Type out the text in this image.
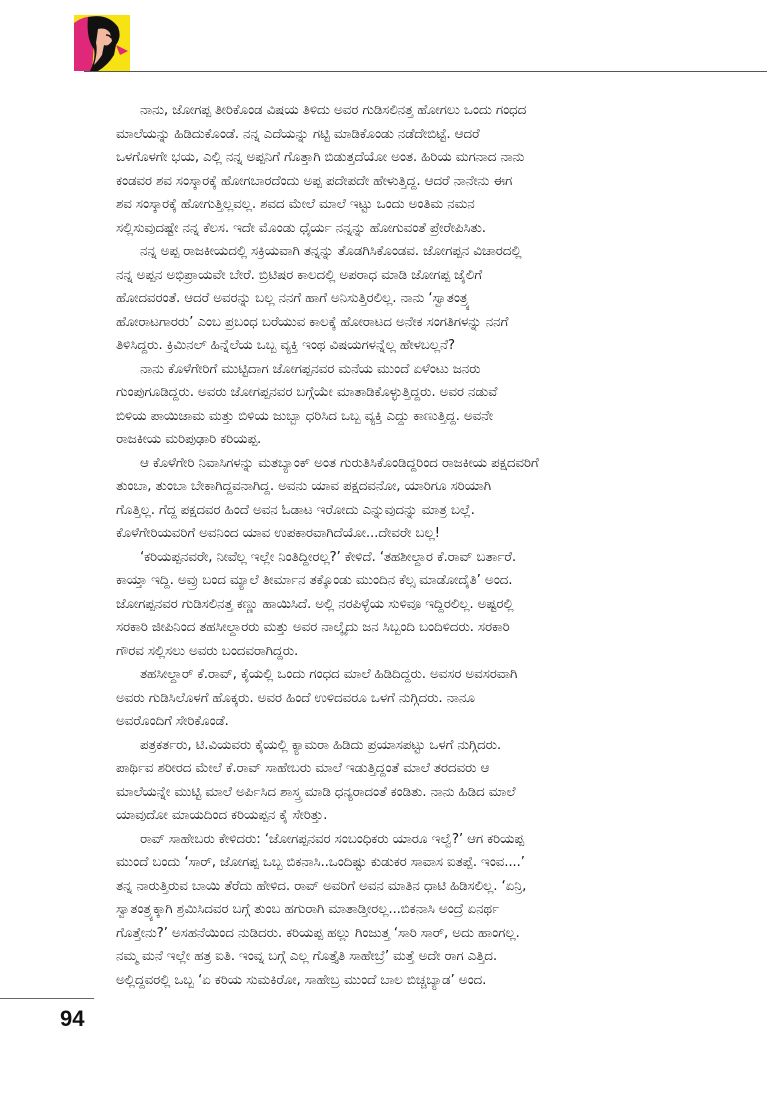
ನಾನು, ಜೋಗಪ್ಪ ತೀರಿಕೊಂಡ ವಿಷಯ ತಿಳಿದು ಅವರ ಗುಡಿಸಲಿನತ್ತ ಹೋಗಲು ಒಂದು ಗಂಧದ
ಮಾಲೆಯನ್ನು ಹಿಡಿದುಕೊಂಡೆ. ನನ್ನ ಎದೆಯನ್ನು ಗಟ್ಟಿ ಮಾಡಿಕೊಂಡು ನಡೆದೇಬಿಟ್ಟೆ. ಆದರೆ
ಒಳಗೊಳಗೇ ಭಯ, ಎಲ್ಲಿ ನನ್ನ ಅಪ್ಪನಿಗೆ ಗೊತ್ತಾಗಿ ಬಿಡುತ್ತದೆಯೋ ಅಂತ. ಹಿರಿಯ ಮಗನಾದ ನಾನು
ಕಂಡವರ ಶವ ಸಂಸ್ಕಾರಕ್ಕೆ ಹೋಗಬಾರದೆಂದು ಅಪ್ಪ ಪದೇಪದೇ ಹೇಳುತ್ತಿದ್ದ. ಆದರೆ ನಾನೇನು ಈಗ
ಶವ ಸಂಸ್ಕಾರಕ್ಕೆ ಹೋಗುತ್ತಿಲ್ಲವಲ್ಲ. ಶವದ ಮೇಲೆ ಮಾಲೆ ಇಟ್ಟು ಒಂದು ಅಂತಿಮ ನಮನ
ಸಲ್ಲಿಸುವುದಷ್ಟೇ ನನ್ನ ಕೆಲಸ. ಇದೇ ಮೊಂಡು ಧೈರ್ಯ ನನ್ನನ್ನು ಹೋಗುವಂತೆ ಪ್ರೇರೇಪಿಸಿತು.

ನನ್ನ ಅಪ್ಪ ರಾಜಕೀಯದಲ್ಲಿ ಸಕ್ರಿಯವಾಗಿ ತನ್ನನ್ನು ತೊಡಗಿಸಿಕೊಂಡವ. ಜೋಗಪ್ಪನ ವಿಚಾರದಲ್ಲಿ
ನನ್ನ ಅಪ್ಪನ ಅಭಿಪ್ರಾಯವೇ ಬೇರೆ. ಬ್ರಿಟಿಷರ ಕಾಲದಲ್ಲಿ ಅಪರಾಧ ಮಾಡಿ ಜೋಗಪ್ಪ ಜೈಲಿಗೆ
ಹೋದವರಂತೆ. ಆದರೆ ಅವರನ್ನು ಬಲ್ಲ ನನಗೆ ಹಾಗೆ ಅನಿಸುತ್ತಿರಲಿಲ್ಲ. ನಾನು ‘ಸ್ವಾತಂತ್ರ್ಯ
ಹೋರಾಟಗಾರರು’ ಎಂಬ ಪ್ರಬಂಧ ಬರೆಯುವ ಕಾಲಕ್ಕೆ ಹೋರಾಟದ ಅನೇಕ ಸಂಗತಿಗಳನ್ನು ನನಗೆ
ತಿಳಿಸಿದ್ದರು. ಕ್ರಿಮಿನಲ್ ಹಿನ್ನೆಲೆಯ ಒಬ್ಬ ವ್ಯಕ್ತಿ ಇಂಥ ವಿಷಯಗಳನ್ನೆಲ್ಲ ಹೇಳಬಲ್ಲನೆ?

ನಾನು ಕೊಳೆಗೇರಿಗೆ ಮುಟ್ಟಿದಾಗ ಜೋಗಪ್ಪನವರ ಮನೆಯ ಮುಂದೆ ಏಳೆಂಟು ಜನರು
ಗುಂಪುಗೂಡಿದ್ದರು. ಅವರು ಜೋಗಪ್ಪನವರ ಬಗ್ಗೆಯೇ ಮಾತಾಡಿಕೊಳ್ಳುತ್ತಿದ್ದರು. ಅವರ ನಡುವೆ
ಬಿಳಿಯ ಪಾಯಿಜಾಮ ಮತ್ತು ಬಿಳಿಯ ಜುಬ್ಬಾ ಧರಿಸಿದ ಒಬ್ಬ ವ್ಯಕ್ತಿ ಎದ್ದು ಕಾಣುತ್ತಿದ್ದ. ಅವನೇ
ರಾಜಕೀಯ ಮರಿಪುಢಾರಿ ಕರಿಯಪ್ಪ.

ಆ ಕೊಳೆಗೇರಿ ನಿವಾಸಿಗಳನ್ನು ಮತಬ್ಯಾಂಕ್ ಅಂತ ಗುರುತಿಸಿಕೊಂಡಿದ್ದರಿಂದ ರಾಜಕೀಯ ಪಕ್ಷದವರಿಗೆ
ತುಂಬಾ, ತುಂಬಾ ಬೇಕಾಗಿದ್ದವನಾಗಿದ್ದ. ಅವನು ಯಾವ ಪಕ್ಷದವನೋ, ಯಾರಿಗೂ ಸರಿಯಾಗಿ
ಗೊತ್ತಿಲ್ಲ. ಗೆದ್ದ ಪಕ್ಷದವರ ಹಿಂದೆ ಅವನ ಓಡಾಟ ಇರೋದು ಎನ್ನುವುದನ್ನು ಮಾತ್ರ ಬಲ್ಲೆ.
ಕೊಳೆಗೇರಿಯವರಿಗೆ ಅವನಿಂದ ಯಾವ ಉಪಕಾರವಾಗಿದೆಯೋ...ದೇವರೇ ಬಲ್ಲ!

‘ಕರಿಯಪ್ಪನವರೇ, ನೀವೆಲ್ಲ ಇಲ್ಲೇ ನಿಂತಿದ್ದೀರಲ್ಲ?’ ಕೇಳಿದೆ. ‘ತಹಶೀಲ್ದಾರ ಕೆ.ರಾವ್ ಬರ್ತಾರೆ.
ಕಾಯ್ತಾ ಇದ್ದಿ. ಅವ್ರು ಬಂದ ಮ್ಯಾಲೆ ತೀರ್ಮಾನ ತಕ್ಕೊಂಡು ಮುಂದಿನ ಕೆಲ್ಸ ಮಾಡೋದೈತಿ’ ಅಂದ.
ಜೋಗಪ್ಪನವರ ಗುಡಿಸಲಿನತ್ತ ಕಣ್ಣು ಹಾಯಿಸಿದೆ. ಅಲ್ಲಿ ನರಪಿಳ್ಳೆಯ ಸುಳಿವೂ ಇದ್ದಿರಲಿಲ್ಲ. ಅಷ್ಟರಲ್ಲಿ
ಸರಕಾರಿ ಜೀಪಿನಿಂದ ತಹಸೀಲ್ದಾರರು ಮತ್ತು ಅವರ ನಾಲ್ಕೈದು ಜನ ಸಿಬ್ಬಂದಿ ಬಂದಿಳಿದರು. ಸರಕಾರಿ
ಗೌರವ ಸಲ್ಲಿಸಲು ಅವರು ಬಂದವರಾಗಿದ್ದರು.

ತಹಸೀಲ್ದಾರ್ ಕೆ.ರಾವ್, ಕೈಯಲ್ಲಿ ಒಂದು ಗಂಧದ ಮಾಲೆ ಹಿಡಿದಿದ್ದರು. ಅವಸರ ಅವಸರವಾಗಿ
ಅವರು ಗುಡಿಸಿಲೊಳಗೆ ಹೊಕ್ಕರು. ಅವರ ಹಿಂದೆ ಉಳಿದವರೂ ಒಳಗೆ ನುಗ್ಗಿದರು. ನಾನೂ
ಅವರೊಂದಿಗೆ ಸೇರಿಕೊಂಡೆ.

ಪತ್ರಕರ್ತರು, ಟಿ.ವಿಯವರು ಕೈಯಲ್ಲಿ ಕ್ಯಾಮರಾ ಹಿಡಿದು ಪ್ರಯಾಸಪಟ್ಟು ಒಳಗೆ ನುಗ್ಗಿದರು.
ಪಾರ್ಥಿವ ಶರೀರದ ಮೇಲೆ ಕೆ.ರಾವ್ ಸಾಹೇಬರು ಮಾಲೆ ಇಡುತ್ತಿದ್ದಂತೆ ಮಾಲೆ ತರದವರು ಆ
ಮಾಲೆಯನ್ನೇ ಮುಟ್ಟಿ ಮಾಲೆ ಅರ್ಪಿಸಿದ ಶಾಸ್ತ್ರ ಮಾಡಿ ಧನ್ಯರಾದಂತೆ ಕಂಡಿತು. ನಾನು ಹಿಡಿದ ಮಾಲೆ
ಯಾವುದೋ ಮಾಯದಿಂದ ಕರಿಯಪ್ಪನ ಕೈ ಸೇರಿತ್ತು.

ರಾವ್ ಸಾಹೇಬರು ಕೇಳಿದರು: ‘ಜೋಗಪ್ಪನವರ ಸಂಬಂಧಿಕರು ಯಾರೂ ಇಲ್ವೆ?’ ಆಗ ಕರಿಯಪ್ಪ
ಮುಂದೆ ಬಂದು ‘ಸಾರ್, ಜೋಗಪ್ಪ ಒಬ್ಬ ಬಿಕನಾಸಿ..ಒಂದಿಷ್ಟು ಕುಡುಕರ ಸಾವಾಸ ಐತಪ್ಪೆ. ಇಂವ....’
ತನ್ನ ನಾರುತ್ತಿರುವ ಬಾಯಿ ತೆರೆದು ಹೇಳಿದ. ರಾವ್ ಅವರಿಗೆ ಅವನ ಮಾತಿನ ಧಾಟಿ ಹಿಡಿಸಲಿಲ್ಲ. ‘ಏನ್ರಿ,
ಸ್ವಾತಂತ್ರ್ಯಕ್ಕಾಗಿ ಶ್ರಮಿಸಿದವರ ಬಗ್ಗೆ ತುಂಬ ಹಗುರಾಗಿ ಮಾತಾಡ್ತೀರಲ್ಲ...ಬಿಕನಾಸಿ ಅಂದ್ರೆ ಏನರ್ಥ
ಗೊತ್ತೇನು?’ ಅಸಹನೆಯಿಂದ ನುಡಿದರು. ಕರಿಯಪ್ಪ ಹಲ್ಲು ಗಿಂಜುತ್ತ ‘ಸಾರಿ ಸಾರ್, ಅದು ಹಾಂಗಲ್ಲ.
ನಮ್ಮ ಮನೆ ಇಲ್ಲೇ ಹತ್ರ ಐತಿ. ಇಂವ್ನ ಬಗ್ಗೆ ಎಲ್ಲ ಗೊತ್ತೈತಿ ಸಾಹೇಬ್ರೆ’ ಮತ್ತೆ ಅದೇ ರಾಗ ಎತ್ತಿದ.
ಅಲ್ಲಿದ್ದವರಲ್ಲಿ ಒಬ್ಬ ‘ಏ ಕರಿಯ ಸುಮಕಿರೋ, ಸಾಹೇಬ್ರ ಮುಂದೆ ಬಾಲ ಬಿಚ್ಚಬ್ಯಾಡ’ ಅಂದ.

94
